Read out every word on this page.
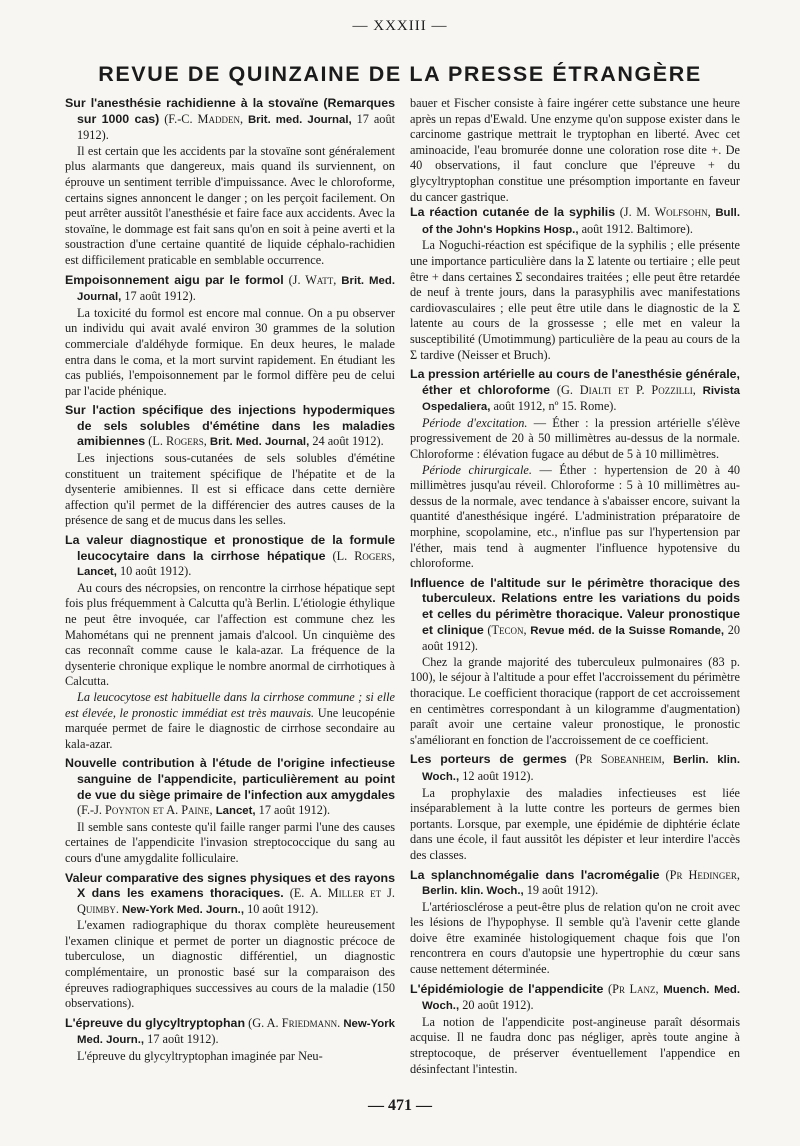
— XXXIII —
REVUE DE QUINZAINE DE LA PRESSE ÉTRANGÈRE

Sur l'anesthésie rachidienne à la stovaïne (Remarques sur 1000 cas) (F.-C. Madden, Brit. med. Journal, 17 août 1912).

Il est certain que les accidents par la stovaïne sont généralement plus alarmants que dangereux, mais quand ils surviennent, on éprouve un sentiment terrible d'impuissance. Avec le chloroforme, certains signes annoncent le danger ; on les perçoit facilement. On peut arrêter aussitôt l'anesthésie et faire face aux accidents. Avec la stovaïne, le dommage est fait sans qu'on en soit à peine averti et la soustraction d'une certaine quantité de liquide céphalo-rachidien est difficilement praticable en semblable occurrence.

Empoisonnement aigu par le formol (J. Watt, Brit. Med. Journal, 17 août 1912).

La toxicité du formol est encore mal connue. On a pu observer un individu qui avait avalé environ 30 grammes de la solution commerciale d'aldéhyde formique. En deux heures, le malade entra dans le coma, et la mort survint rapidement. En étudiant les cas publiés, l'empoisonnement par le formol diffère peu de celui par l'acide phénique.

Sur l'action spécifique des injections hypodermiques de sels solubles d'émétine dans les maladies amibiennes (L. Rogers, Brit. Med. Journal, 24 août 1912).

Les injections sous-cutanées de sels solubles d'émétine constituent un traitement spécifique de l'hépatite et de la dysenterie amibiennes. Il est si efficace dans cette dernière affection qu'il permet de la différencier des autres causes de la présence de sang et de mucus dans les selles.

La valeur diagnostique et pronostique de la formule leucocytaire dans la cirrhose hépatique (L. Rogers, Lancet, 10 août 1912).

Au cours des nécropsies, on rencontre la cirrhose hépatique sept fois plus fréquemment à Calcutta qu'à Berlin. L'étiologie éthylique ne peut être invoquée, car l'affection est commune chez les Mahométans qui ne prennent jamais d'alcool. Un cinquième des cas reconnaît comme cause le kala-azar. La fréquence de la dysenterie chronique explique le nombre anormal de cirrhotiques à Calcutta.

La leucocytose est habituelle dans la cirrhose commune ; si elle est élevée, le pronostic immédiat est très mauvais. Une leucopénie marquée permet de faire le diagnostic de cirrhose secondaire au kala-azar.

Nouvelle contribution à l'étude de l'origine infectieuse sanguine de l'appendicite, particulièrement au point de vue du siège primaire de l'infection aux amygdales (F.-J. Poynton et A. Paine, Lancet, 17 août 1912).

Il semble sans conteste qu'il faille ranger parmi l'une des causes certaines de l'appendicite l'invasion streptococcique du sang au cours d'une amygdalite folliculaire.

Valeur comparative des signes physiques et des rayons X dans les examens thoraciques. (E. A. Miller et J. Quimby. New-York Med. Journ., 10 août 1912).

L'examen radiographique du thorax complète heureusement l'examen clinique et permet de porter un diagnostic précoce de tuberculose, un diagnostic différentiel, un diagnostic complémentaire, un pronostic basé sur la comparaison des épreuves radiographiques successives au cours de la maladie (150 observations).

L'épreuve du glycyltryptophan (G. A. Friedmann. New-York Med. Journ., 17 août 1912).

L'épreuve du glycyltryptophan imaginée par Neu-

bauer et Fischer consiste à faire ingérer cette substance une heure après un repas d'Ewald. Une enzyme qu'on suppose exister dans le carcinome gastrique mettrait le tryptophan en liberté. Avec cet aminoacide, l'eau bromurée donne une coloration rose dite +. De 40 observations, il faut conclure que l'épreuve + du glycyltryptophan constitue une présomption importante en faveur du cancer gastrique.

La réaction cutanée de la syphilis (J. M. Wolfsohn, Bull. of the John's Hopkins Hosp., août 1912. Baltimore).

La Noguchi-réaction est spécifique de la syphilis ; elle présente une importance particulière dans la Σ latente ou tertiaire ; elle peut être + dans certaines Σ secondaires traitées ; elle peut être retardée de neuf à trente jours, dans la parasyphilis avec manifestations cardiovasculaires ; elle peut être utile dans le diagnostic de la Σ latente au cours de la grossesse ; elle met en valeur la susceptibilité (Umotimmung) particulière de la peau au cours de la Σ tardive (Neisser et Bruch).

La pression artérielle au cours de l'anesthésie générale, éther et chloroforme (G. Dialti et P. Pozzilli, Rivista Ospedaliera, août 1912, nº 15. Rome).

Période d'excitation. — Éther : la pression artérielle s'élève progressivement de 20 à 50 millimètres au-dessus de la normale. Chloroforme : élévation fugace au début de 5 à 10 millimètres.

Période chirurgicale. — Éther : hypertension de 20 à 40 millimètres jusqu'au réveil. Chloroforme : 5 à 10 millimètres au-dessus de la normale, avec tendance à s'abaisser encore, suivant la quantité d'anesthésique ingéré. L'administration préparatoire de morphine, scopolamine, etc., n'influe pas sur l'hypertension par l'éther, mais tend à augmenter l'influence hypotensive du chloroforme.

Influence de l'altitude sur le périmètre thoracique des tuberculeux. Relations entre les variations du poids et celles du périmètre thoracique. Valeur pronostique et clinique (Tecon, Revue méd. de la Suisse Romande, 20 août 1912).

Chez la grande majorité des tuberculeux pulmonaires (83 p. 100), le séjour à l'altitude a pour effet l'accroissement du périmètre thoracique. Le coefficient thoracique (rapport de cet accroissement en centimètres correspondant à un kilogramme d'augmentation) paraît avoir une certaine valeur pronostique, le pronostic s'améliorant en fonction de l'accroissement de ce coefficient.

Les porteurs de germes (Pr Sobeanheim, Berlin. klin. Woch., 12 août 1912).

La prophylaxie des maladies infectieuses est liée inséparablement à la lutte contre les porteurs de germes bien portants. Lorsque, par exemple, une épidémie de diphtérie éclate dans une école, il faut aussitôt les dépister et leur interdire l'accès des classes.

La splanchnomégalie dans l'acromégalie (Pr Hedinger, Berlin. klin. Woch., 19 août 1912).

L'artériosclérose a peut-être plus de relation qu'on ne croit avec les lésions de l'hypophyse. Il semble qu'à l'avenir cette glande doive être examinée histologiquement chaque fois que l'on rencontrera en cours d'autopsie une hypertrophie du cœur sans cause nettement déterminée.

L'épidémiologie de l'appendicite (Pr Lanz, Muench. Med. Woch., 20 août 1912).

La notion de l'appendicite post-angineuse paraît désormais acquise. Il ne faudra donc pas négliger, après toute angine à streptocoque, de préserver éventuellement l'appendice en désinfectant l'intestin.

— 471 —
